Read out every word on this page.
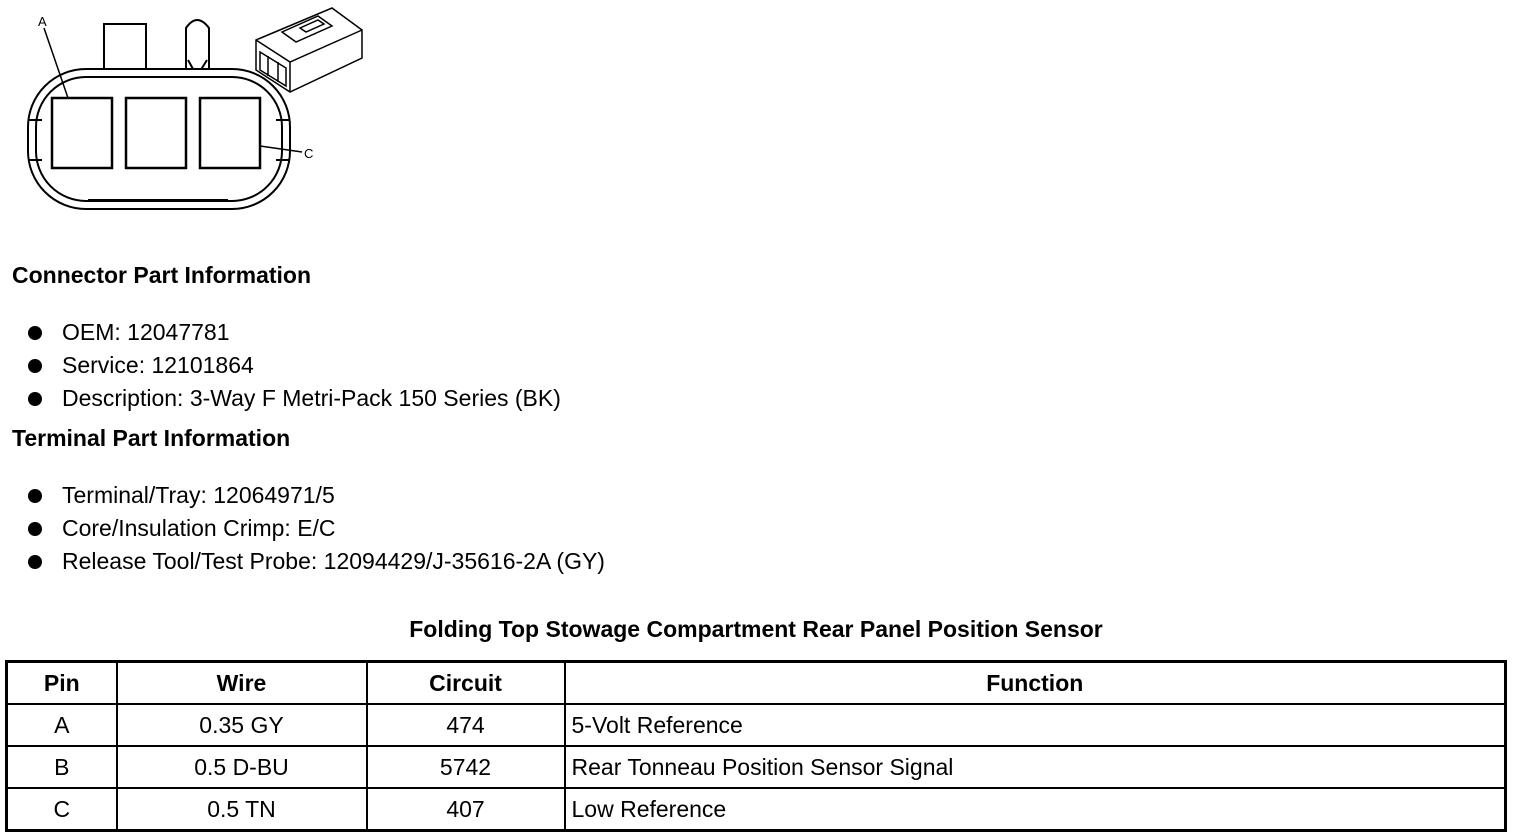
A
C
Connector Part Information
OEM: 12047781
Service: 12101864
Description: 3-Way F Metri-Pack 150 Series (BK)
Terminal Part Information
Terminal/Tray: 12064971/5
Core/Insulation Crimp: E/C
Release Tool/Test Probe: 12094429/J-35616-2A (GY)
Folding Top Stowage Compartment Rear Panel Position Sensor
Pin	Wire	Circuit	Function
A	0.35 GY	474	5-Volt Reference
B	0.5 D-BU	5742	Rear Tonneau Position Sensor Signal
C	0.5 TN	407	Low Reference
